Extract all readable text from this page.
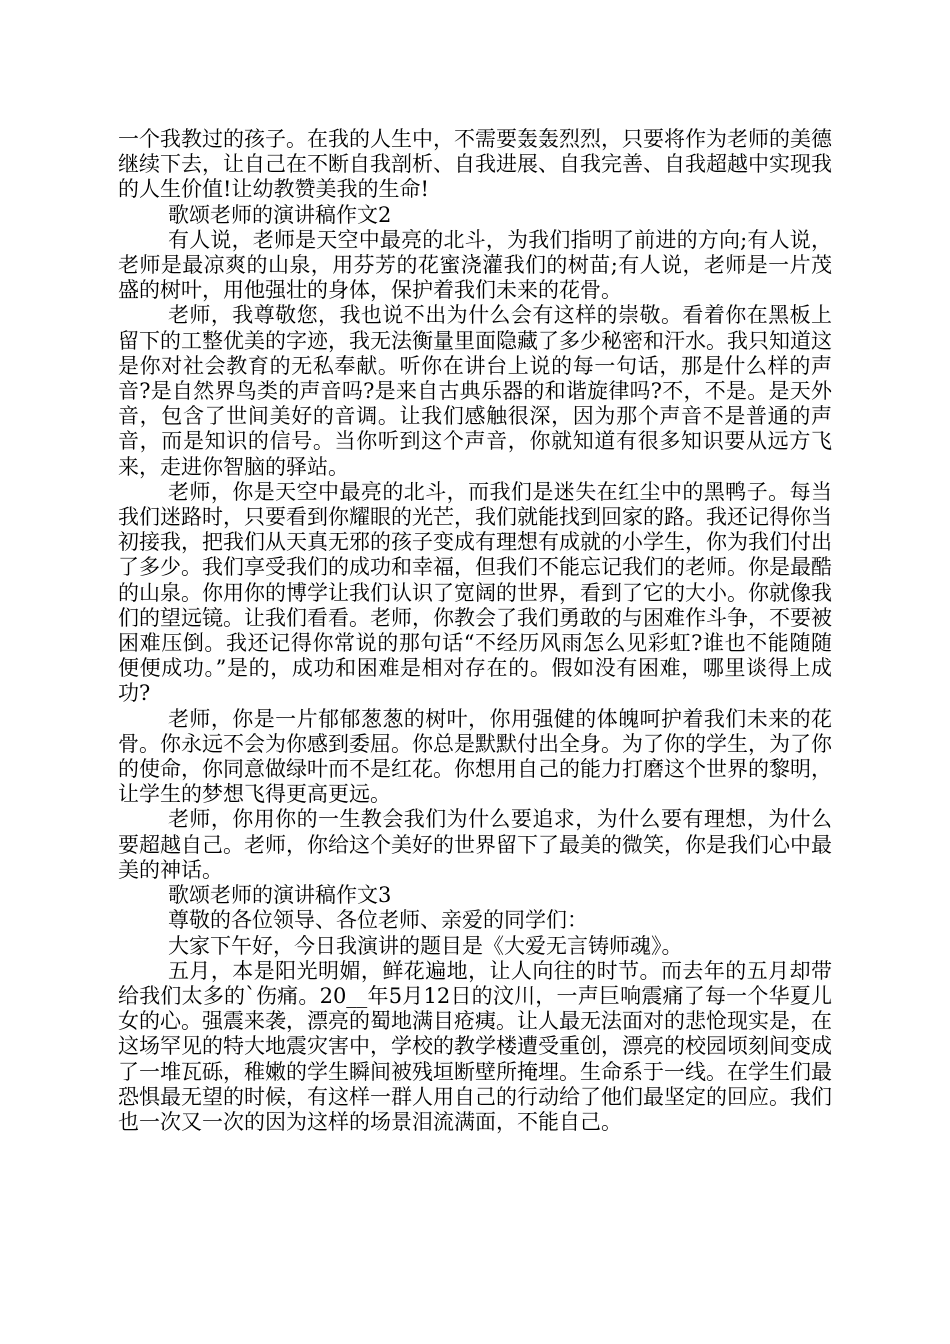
一个我教过的孩子。在我的人生中，不需要轰轰烈烈，只要将作为老师的美德继续下去，让自己在不断自我剖析、自我进展、自我完善、自我超越中实现我的人生价值!让幼教赞美我的生命!

歌颂老师的演讲稿作文2

有人说，老师是天空中最亮的北斗，为我们指明了前进的方向;有人说，老师是最凉爽的山泉，用芬芳的花蜜浇灌我们的树苗;有人说，老师是一片茂盛的树叶，用他强壮的身体，保护着我们未来的花骨。

老师，我尊敬您，我也说不出为什么会有这样的崇敬。看着你在黑板上留下的工整优美的字迹，我无法衡量里面隐藏了多少秘密和汗水。我只知道这是你对社会教育的无私奉献。听你在讲台上说的每一句话，那是什么样的声音?是自然界鸟类的声音吗?是来自古典乐器的和谐旋律吗?不，不是。是天外音，包含了世间美好的音调。让我们感触很深，因为那个声音不是普通的声音，而是知识的信号。当你听到这个声音，你就知道有很多知识要从远方飞来，走进你智脑的驿站。

老师，你是天空中最亮的北斗，而我们是迷失在红尘中的黑鸭子。每当我们迷路时，只要看到你耀眼的光芒，我们就能找到回家的路。我还记得你当初接我，把我们从天真无邪的孩子变成有理想有成就的小学生，你为我们付出了多少。我们享受我们的成功和幸福，但我们不能忘记我们的老师。你是最酷的山泉。你用你的博学让我们认识了宽阔的世界，看到了它的大小。你就像我们的望远镜。让我们看看。老师，你教会了我们勇敢的与困难作斗争，不要被困难压倒。我还记得你常说的那句话“不经历风雨怎么见彩虹?谁也不能随随便便成功。”是的，成功和困难是相对存在的。假如没有困难，哪里谈得上成功?

老师，你是一片郁郁葱葱的树叶，你用强健的体魄呵护着我们未来的花骨。你永远不会为你感到委屈。你总是默默付出全身。为了你的学生，为了你的使命，你同意做绿叶而不是红花。你想用自己的能力打磨这个世界的黎明，让学生的梦想飞得更高更远。

老师，你用你的一生教会我们为什么要追求，为什么要有理想，为什么要超越自己。老师，你给这个美好的世界留下了最美的微笑，你是我们心中最美的神话。

歌颂老师的演讲稿作文3

尊敬的各位领导、各位老师、亲爱的同学们：

大家下午好，今日我演讲的题目是《大爱无言铸师魂》。

五月，本是阳光明媚，鲜花遍地，让人向往的时节。而去年的五月却带给我们太多的`伤痛。20__年5月12日的汶川，一声巨响震痛了每一个华夏儿女的心。强震来袭，漂亮的蜀地满目疮痍。让人最无法面对的悲怆现实是，在这场罕见的特大地震灾害中，学校的教学楼遭受重创，漂亮的校园顷刻间变成了一堆瓦砾，稚嫩的学生瞬间被残垣断壁所掩埋。生命系于一线。在学生们最恐惧最无望的时候，有这样一群人用自己的行动给了他们最坚定的回应。我们也一次又一次的因为这样的场景泪流满面，不能自己。
